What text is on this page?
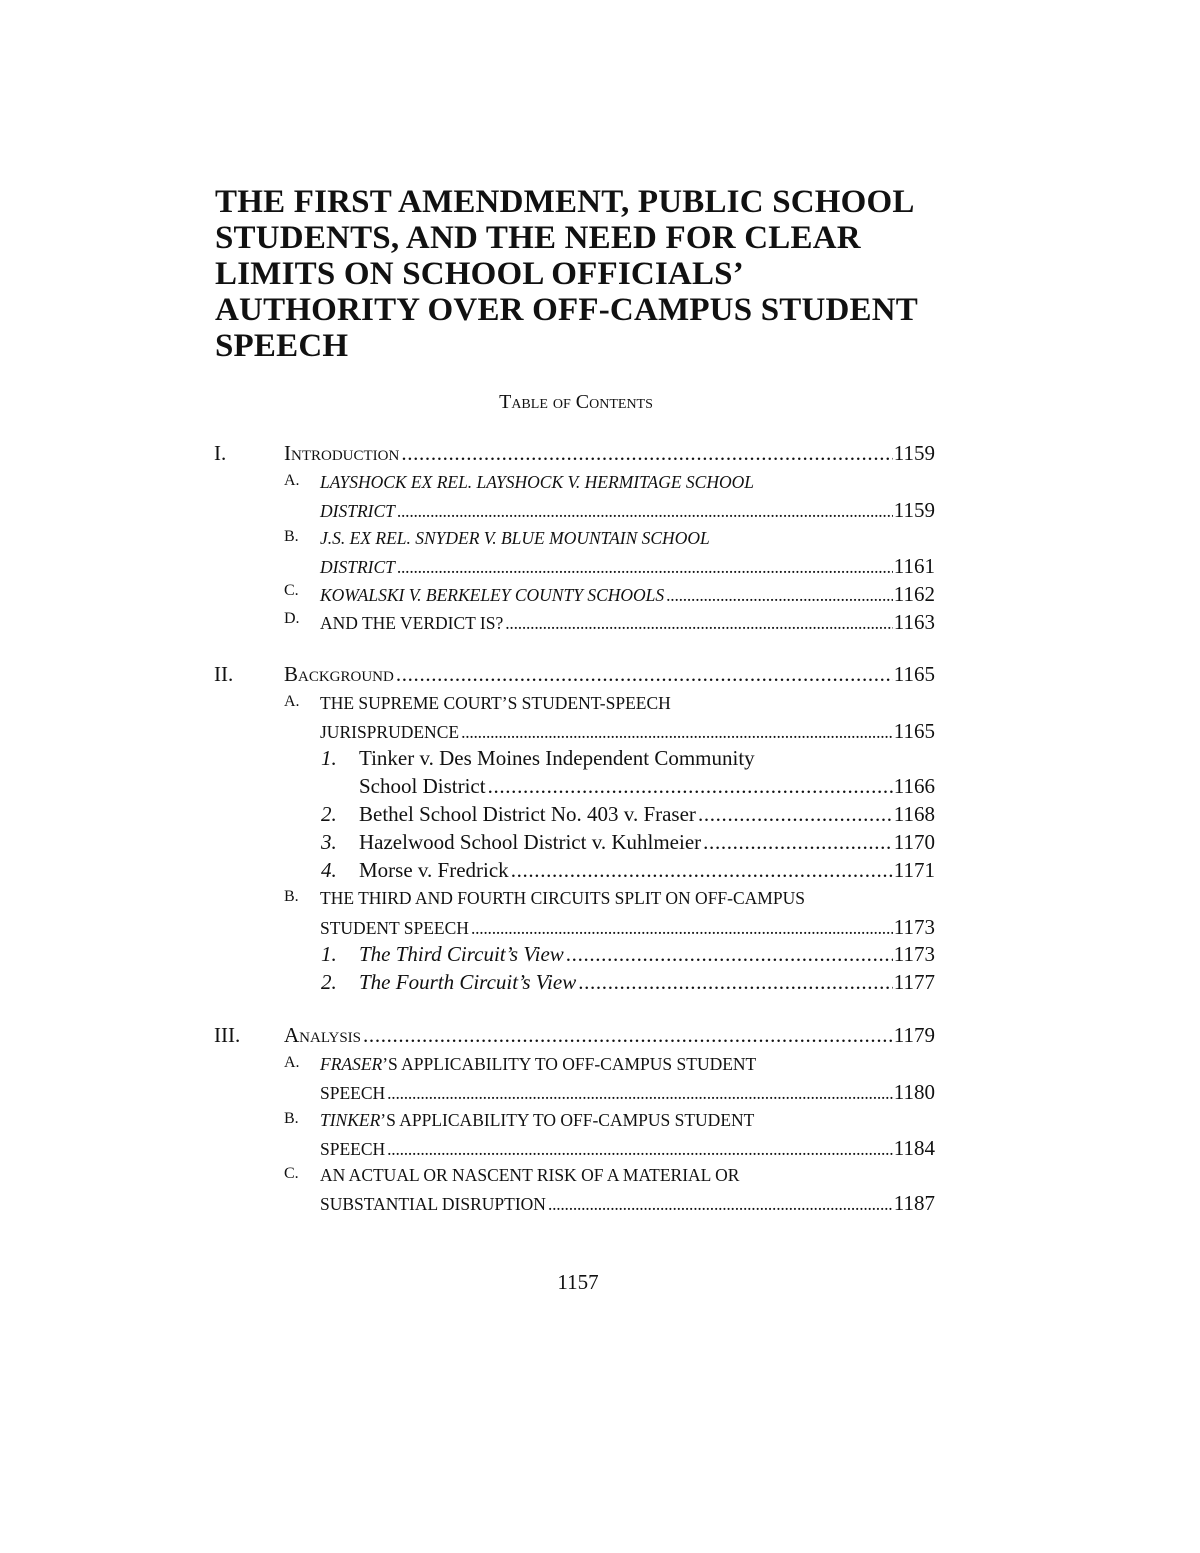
THE FIRST AMENDMENT, PUBLIC SCHOOL
STUDENTS, AND THE NEED FOR CLEAR
LIMITS ON SCHOOL OFFICIALS’
AUTHORITY OVER OFF-CAMPUS STUDENT
SPEECH
Table of Contents
I.	Introduction . . .	1159
A. LAYSHOCK EX REL. LAYSHOCK V. HERMITAGE SCHOOL
DISTRICT . . .	1159
B. J.S. EX REL. SNYDER V. BLUE MOUNTAIN SCHOOL
DISTRICT . . .	1161
C. KOWALSKI V. BERKELEY COUNTY SCHOOLS . . .	1162
D. AND THE VERDICT IS? . . .	1163
II. Background . . .	1165
A. THE SUPREME COURT’S STUDENT-SPEECH
JURISPRUDENCE . . .	1165
1. Tinker v. Des Moines Independent Community
School District . . .	1166
2. Bethel School District No. 403 v. Fraser . . .	1168
3. Hazelwood School District v. Kuhlmeier . . .	1170
4. Morse v. Fredrick . . .	1171
B. THE THIRD AND FOURTH CIRCUITS SPLIT ON OFF-CAMPUS
STUDENT SPEECH . . .	1173
1. The Third Circuit’s View . . .	1173
2. The Fourth Circuit’s View . . .	1177
III. Analysis . . .	1179
A. FRASER’S APPLICABILITY TO OFF-CAMPUS STUDENT
SPEECH . . .	1180
B. TINKER’S APPLICABILITY TO OFF-CAMPUS STUDENT
SPEECH . . .	1184
C. AN ACTUAL OR NASCENT RISK OF A MATERIAL OR
SUBSTANTIAL DISRUPTION . . .	1187
1157
